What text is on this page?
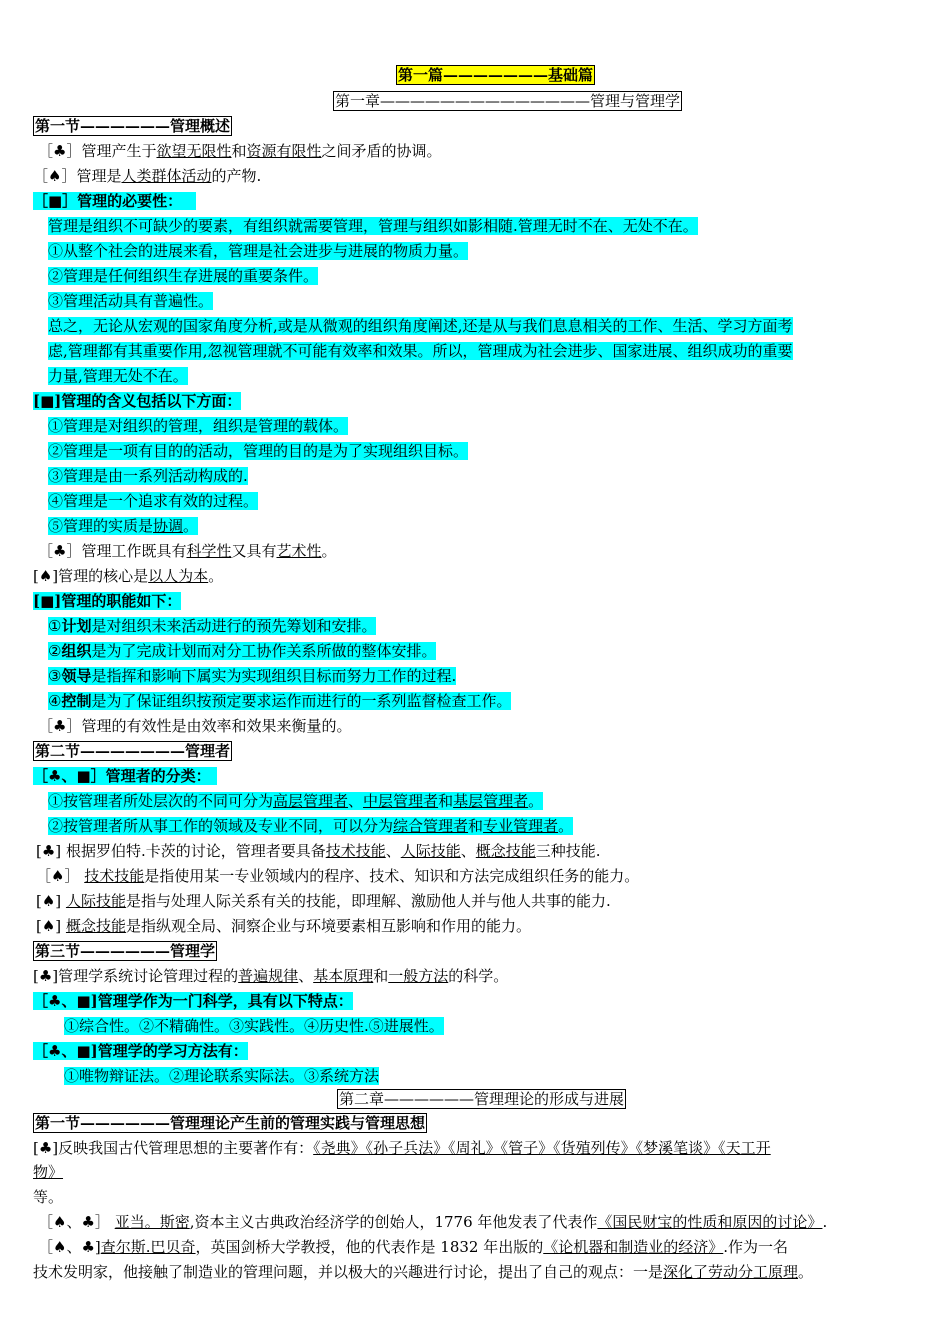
第一篇———————基础篇
第一章——————————————管理与管理学
第一节——————管理概述
［♣］管理产生于欲望无限性和资源有限性之间矛盾的协调。
［♠］管理是人类群体活动的产物.
［■］管理的必要性：
管理是组织不可缺少的要素，有组织就需要管理，管理与组织如影相随.管理无时不在、无处不在。
①从整个社会的进展来看，管理是社会进步与进展的物质力量。
②管理是任何组织生存进展的重要条件。
③管理活动具有普遍性。
总之，无论从宏观的国家角度分析,或是从微观的组织角度阐述,还是从与我们息息相关的工作、生活、学习方面考
虑,管理都有其重要作用,忽视管理就不可能有效率和效果。所以，管理成为社会进步、国家进展、组织成功的重要
力量,管理无处不在。
[■]管理的含义包括以下方面：
①管理是对组织的管理，组织是管理的载体。
②管理是一项有目的的活动，管理的目的是为了实现组织目标。
③管理是由一系列活动构成的.
④管理是一个追求有效的过程。
⑤管理的实质是协调。
［♣］管理工作既具有科学性又具有艺术性。
[♠]管理的核心是以人为本。
[■]管理的职能如下：
①计划是对组织未来活动进行的预先筹划和安排。
②组织是为了完成计划而对分工协作关系所做的整体安排。
③领导是指挥和影响下属实为实现组织目标而努力工作的过程.
④控制是为了保证组织按预定要求运作而进行的一系列监督检查工作。
［♣］管理的有效性是由效率和效果来衡量的。
第二节———————管理者
［♣、■］管理者的分类：
①按管理者所处层次的不同可分为高层管理者、中层管理者和基层管理者。
②按管理者所从事工作的领域及专业不同，可以分为综合管理者和专业管理者。
[♣] 根据罗伯特.卡茨的讨论，管理者要具备技术技能、人际技能、概念技能三种技能.
［♠］ 技术技能是指使用某一专业领域内的程序、技术、知识和方法完成组织任务的能力。
[♠] 人际技能是指与处理人际关系有关的技能，即理解、激励他人并与他人共事的能力.
[♠] 概念技能是指纵观全局、洞察企业与环境要素相互影响和作用的能力。
第三节——————管理学
[♣]管理学系统讨论管理过程的普遍规律、基本原理和一般方法的科学。
［♣、■]管理学作为一门科学，具有以下特点：
①综合性。②不精确性。③实践性。④历史性.⑤进展性。
［♣、■]管理学的学习方法有：
①唯物辩证法。②理论联系实际法。③系统方法
第二章——————管理理论的形成与进展
第一节——————管理理论产生前的管理实践与管理思想
[♣]反映我国古代管理思想的主要著作有：《尧典》《孙子兵法》《周礼》《管子》《货殖列传》《梦溪笔谈》《天工开
物》
等。
［♠、♣］ 亚当。斯密,资本主义古典政治经济学的创始人，1776 年他发表了代表作《国民财宝的性质和原因的讨论》.
［♠、♣]查尔斯.巴贝奇，英国剑桥大学教授，他的代表作是 1832 年出版的《论机器和制造业的经济》.作为一名
技术发明家，他接触了制造业的管理问题，并以极大的兴趣进行讨论，提出了自己的观点：一是深化了劳动分工原理。
